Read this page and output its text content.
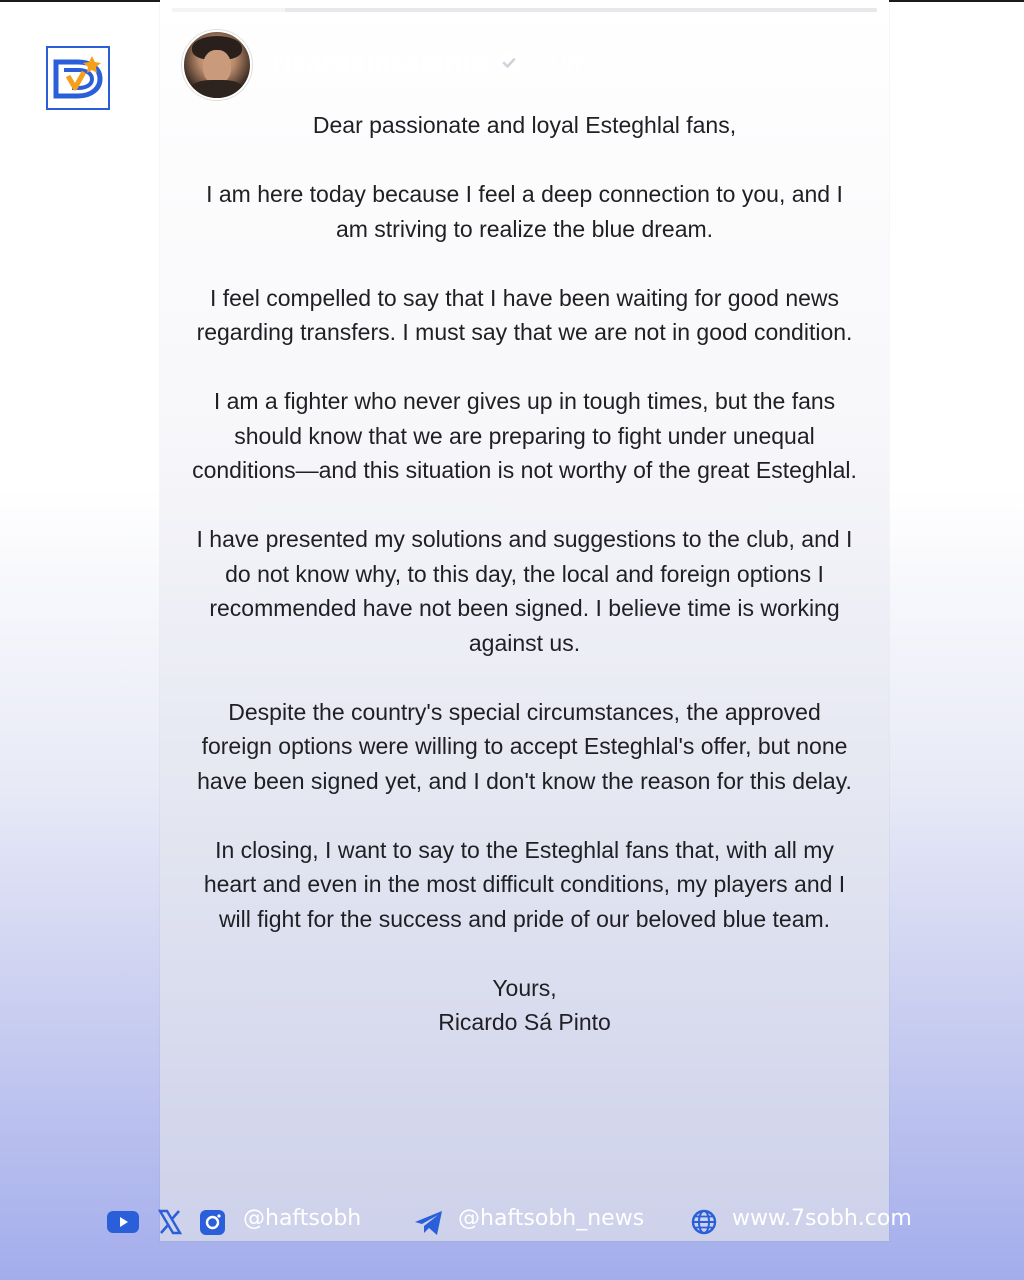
ricardomsapinto 10m

Dear passionate and loyal Esteghlal fans,

I am here today because I feel a deep connection to you, and I am striving to realize the blue dream.

I feel compelled to say that I have been waiting for good news regarding transfers. I must say that we are not in good condition.

I am a fighter who never gives up in tough times, but the fans should know that we are preparing to fight under unequal conditions—and this situation is not worthy of the great Esteghlal.

I have presented my solutions and suggestions to the club, and I do not know why, to this day, the local and foreign options I recommended have not been signed. I believe time is working against us.

Despite the country's special circumstances, the approved foreign options were willing to accept Esteghlal's offer, but none have been signed yet, and I don't know the reason for this delay.

In closing, I want to say to the Esteghlal fans that, with all my heart and even in the most difficult conditions, my players and I will fight for the success and pride of our beloved blue team.

Yours,

Ricardo Sá Pinto

@haftsobh	@haftsobh_news	www.7sobh.com
